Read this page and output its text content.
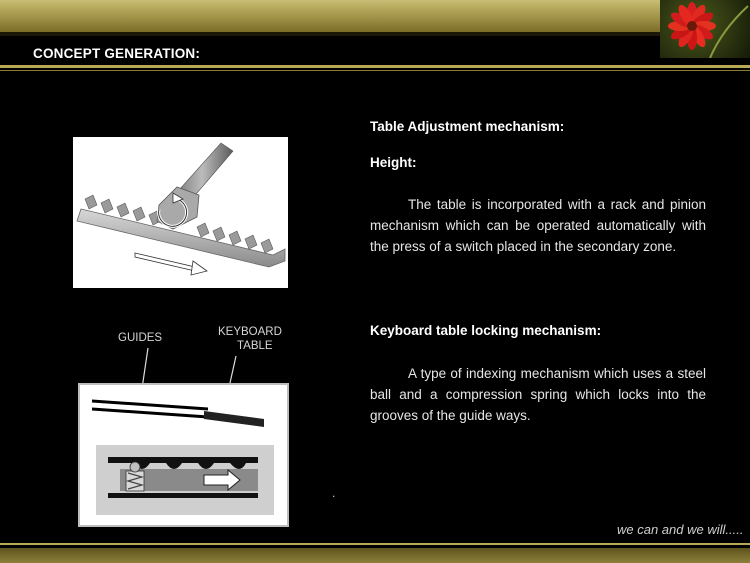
CONCEPT GENERATION:
GUIDES	KEYBOARD
TABLE
.
Table Adjustment mechanism:
Height:
The table is incorporated with a rack and pinion mechanism which can be operated automatically with the press of a switch placed in the secondary zone.
Keyboard table locking mechanism:
A type of indexing mechanism which uses a steel ball and a compression spring which locks into the grooves of the guide ways.
we can and we will.....
